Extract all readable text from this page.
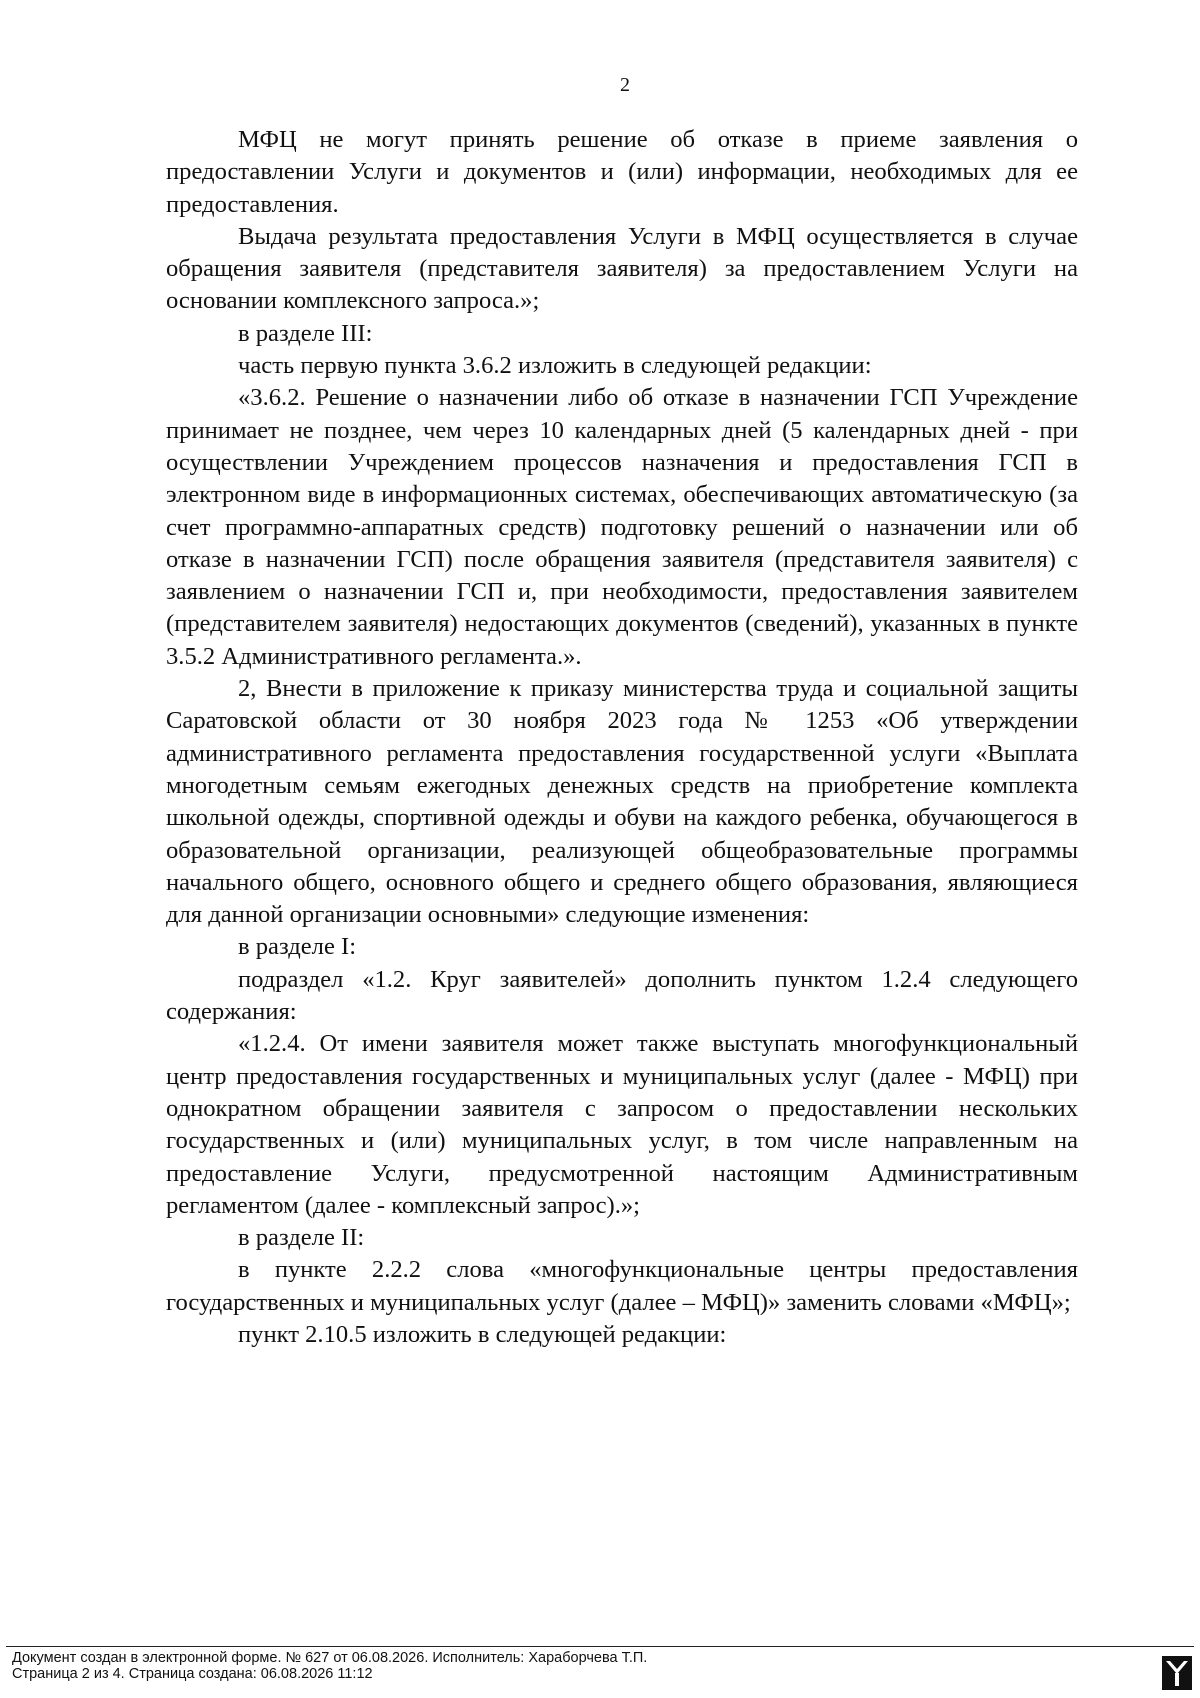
2

МФЦ не могут принять решение об отказе в приеме заявления о предоставлении Услуги и документов и (или) информации, необходимых для ее предоставления.

Выдача результата предоставления Услуги в МФЦ осуществляется в случае обращения заявителя (представителя заявителя) за предоставлением Услуги на основании комплексного запроса.»;

в разделе III:

часть первую пункта 3.6.2 изложить в следующей редакции:

«3.6.2. Решение о назначении либо об отказе в назначении ГСП Учреждение принимает не позднее, чем через 10 календарных дней (5 календарных дней - при осуществлении Учреждением процессов назначения и предоставления ГСП в электронном виде в информационных системах, обеспечивающих автоматическую (за счет программно-аппаратных средств) подготовку решений о назначении или об отказе в назначении ГСП) после обращения заявителя (представителя заявителя) с заявлением о назначении ГСП и, при необходимости, предоставления заявителем (представителем заявителя) недостающих документов (сведений), указанных в пункте 3.5.2 Административного регламента.».

2, Внести в приложение к приказу министерства труда и социальной защиты Саратовской области от 30 ноября 2023 года № 1253 «Об утверждении административного регламента предоставления государственной услуги «Выплата многодетным семьям ежегодных денежных средств на приобретение комплекта школьной одежды, спортивной одежды и обуви на каждого ребенка, обучающегося в образовательной организации, реализующей общеобразовательные программы начального общего, основного общего и среднего общего образования, являющиеся для данной организации основными» следующие изменения:

в разделе I:

подраздел «1.2. Круг заявителей» дополнить пунктом 1.2.4 следующего содержания:

«1.2.4. От имени заявителя может также выступать многофункциональный центр предоставления государственных и муниципальных услуг (далее - МФЦ) при однократном обращении заявителя с запросом о предоставлении нескольких государственных и (или) муниципальных услуг, в том числе направленным на предоставление Услуги, предусмотренной настоящим Административным регламентом (далее - комплексный запрос).»;

в разделе II:

в пункте 2.2.2 слова «многофункциональные центры предоставления государственных и муниципальных услуг (далее – МФЦ)» заменить словами «МФЦ»;

пункт 2.10.5 изложить в следующей редакции:

Документ создан в электронной форме. № 627 от 06.08.2026. Исполнитель: Хараборчева Т.П.
Страница 2 из 4. Страница создана: 06.08.2026 11:12
